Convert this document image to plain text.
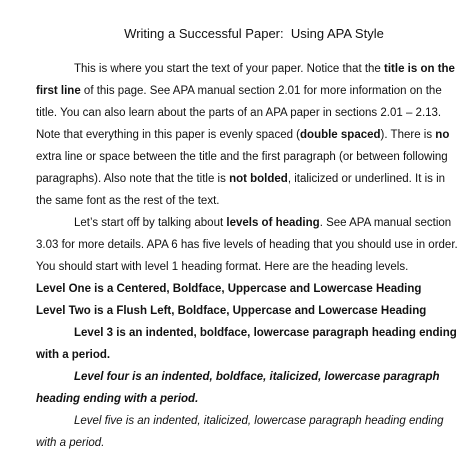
Writing a Successful Paper:  Using APA Style

This is where you start the text of your paper. Notice that the title is on the first line of this page. See APA manual section 2.01 for more information on the title. You can also learn about the parts of an APA paper in sections 2.01 – 2.13. Note that everything in this paper is evenly spaced (double spaced). There is no extra line or space between the title and the first paragraph (or between following paragraphs). Also note that the title is not bolded, italicized or underlined. It is in the same font as the rest of the text.

Let’s start off by talking about levels of heading. See APA manual section 3.03 for more details. APA 6 has five levels of heading that you should use in order. You should start with level 1 heading format. Here are the heading levels.

Level One is a Centered, Boldface, Uppercase and Lowercase Heading

Level Two is a Flush Left, Boldface, Uppercase and Lowercase Heading

Level 3 is an indented, boldface, lowercase paragraph heading ending with a period.

Level four is an indented, boldface, italicized, lowercase paragraph heading ending with a period.

Level five is an indented, italicized, lowercase paragraph heading ending with a period.
